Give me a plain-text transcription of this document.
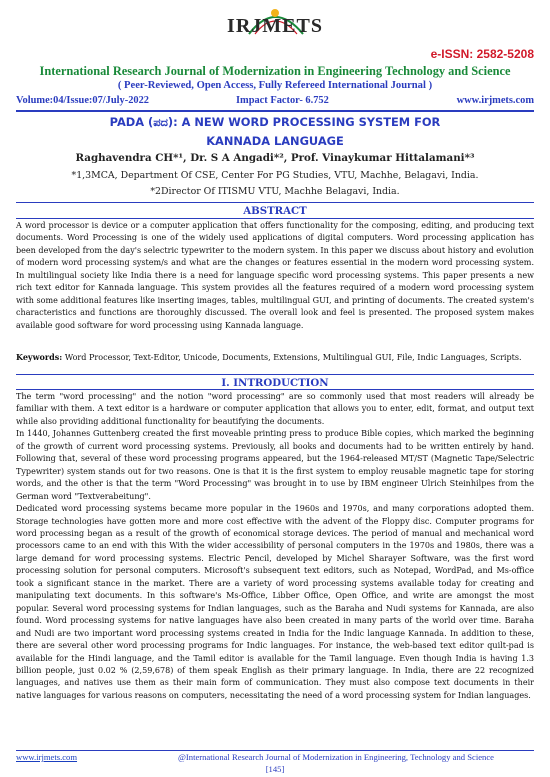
IRJMETS
e-ISSN: 2582-5208
International Research Journal of Modernization in Engineering Technology and Science
( Peer-Reviewed, Open Access, Fully Refereed International Journal )
Volume:04/Issue:07/July-2022	Impact Factor- 6.752	www.irjmets.com
PADA (ಪದ): A NEW WORD PROCESSING SYSTEM FOR
KANNADA LANGUAGE
Raghavendra CH*¹, Dr. S A Angadi*², Prof. Vinaykumar Hittalamani*³
*1,3MCA, Department Of CSE, Center For PG Studies, VTU, Machhe, Belagavi, India.
*2Director Of ITISMU VTU, Machhe Belagavi, India.
ABSTRACT

A word processor is device or a computer application that offers functionality for the composing, editing, and producing text documents. Word Processing is one of the widely used applications of digital computers. Word processing application has been developed from the day's selectric typewriter to the modern system. In this paper we discuss about history and evolution of modern word processing system/s and what are the changes or features essential in the modern word processing system. In multilingual society like India there is a need for language specific word processing systems. This paper presents a new rich text editor for Kannada language. This system provides all the features required of a modern word processing system with some additional features like inserting images, tables, multilingual GUI, and printing of documents. The created system's characteristics and functions are thoroughly discussed. The overall look and feel is presented. The proposed system makes available good software for word processing using Kannada language.

Keywords: Word Processor, Text-Editor, Unicode, Documents, Extensions, Multilingual GUI, File, Indic Languages, Scripts.

I. INTRODUCTION

The term "word processing" and the notion "word processing" are so commonly used that most readers will already be familiar with them. A text editor is a hardware or computer application that allows you to enter, edit, format, and output text while also providing additional functionality for beautifying the documents.

In 1440, Johannes Guttenberg created the first moveable printing press to produce Bible copies, which marked the beginning of the growth of current word processing systems. Previously, all books and documents had to be written entirely by hand. Following that, several of these word processing programs appeared, but the 1964-released MT/ST (Magnetic Tape/Selectric Typewriter) system stands out for two reasons. One is that it is the first system to employ reusable magnetic tape for storing words, and the other is that the term "Word Processing" was brought in to use by IBM engineer Ulrich Steinhilpes from the German word "Textverabeitung".

Dedicated word processing systems became more popular in the 1960s and 1970s, and many corporations adopted them. Storage technologies have gotten more and more cost effective with the advent of the Floppy disc. Computer programs for word processing began as a result of the growth of economical storage devices. The period of manual and mechanical word processors came to an end with this With the wider accessibility of personal computers in the 1970s and 1980s, there was a large demand for word processing systems. Electric Pencil, developed by Michel Sharayer Software, was the first word processing solution for personal computers. Microsoft's subsequent text editors, such as Notepad, WordPad, and Ms-office took a significant stance in the market. There are a variety of word processing systems available today for creating and manipulating text documents. In this software's Ms-Office, Libber Office, Open Office, and write are amongst the most popular. Several word processing systems for Indian languages, such as the Baraha and Nudi systems for Kannada, are also found. Word processing systems for native languages have also been created in many parts of the world over time. Baraha and Nudi are two important word processing systems created in India for the Indic language Kannada. In addition to these, there are several other word processing programs for Indic languages. For instance, the web-based text editor quilt-pad is available for the Hindi language, and the Tamil editor is available for the Tamil language. Even though India is having 1.3 billion people, just 0.02 % (2,59,678) of them speak English as their primary language. In India, there are 22 recognized languages, and natives use them as their main form of communication. They must also compose text documents in their native languages for various reasons on computers, necessitating the need of a word processing system for Indian languages.

www.irjmets.com	@International Research Journal of Modernization in Engineering, Technology and Science
[145]
